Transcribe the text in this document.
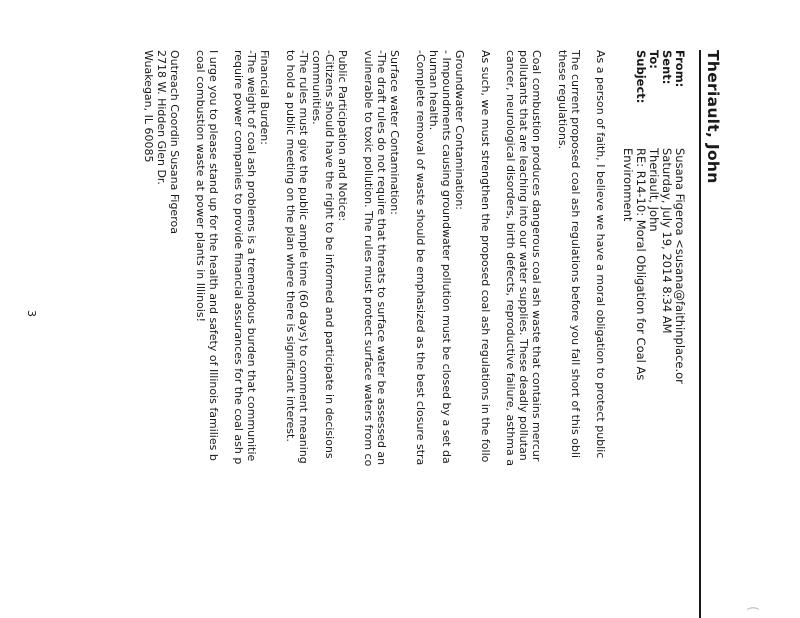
(
Theriault, John
From:
Susana Figeroa <susana@faithinplace.or
Sent:
Saturday, July 19, 2014 8:34 AM
To:
Theriault, John
Subject:
RE: R14-10: Moral Obligation for Coal As
Environment
As a person of faith, I believe we have a moral obligation to protect public
The current proposed coal ash regulations before you fall short of this obli
these regulations.
Coal combustion produces dangerous coal ash waste that contains mercur
pollutants that are leaching into our water supplies. These deadly pollutan
cancer, neurological disorders, birth defects, reproductive failure, asthma a
As such, we must strengthen the proposed coal ash regulations in the follo
Groundwater Contamination:
- Impoundments causing groundwater pollution must be closed by a set da
human health.
-Complete removal of waste should be emphasized as the best closure stra
Surface water Contamination:
-The draft rules do not require that threats to surface water be assessed an
vulnerable to toxic pollution. The rules must protect surface waters from co
Public Participation and Notice:
-Citizens should have the right to be informed and participate in decisions
communities.
-The rules must give the public ample time (60 days) to comment meaning
to hold a public meeting on the plan where there is significant interest.
Financial Burden:
-The weight of coal ash problems is a tremendous burden that communitie
require power companies to provide financial assurances for the coal ash p
I urge you to please stand up for the health and safety of Illinois families b
coal combustion waste at power plants in Illinois!
Outreach Coordin Susana Figeroa
2718 W. Hidden Glen Dr.
Wuakegan, IL 60085
3
